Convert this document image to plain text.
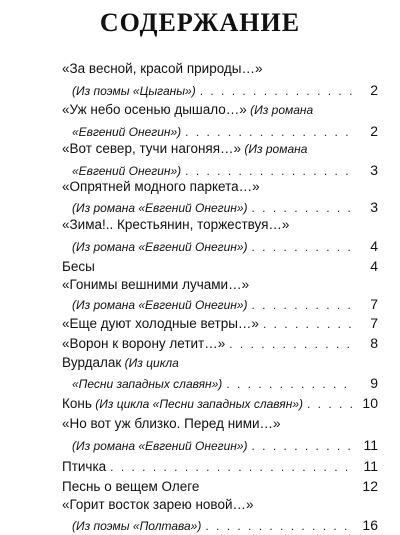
СОДЕРЖАНИЕ
«За весной, красой природы…»
(Из поэмы «Цыганы») . . .	2
«Уж небо осенью дышало…» (Из романа
«Евгений Онегин») . . .	2
«Вот север, тучи нагоняя…» (Из романа
«Евгений Онегин») . . .	3
«Опрятней модного паркета…»
(Из романа «Евгений Онегин») . . .	3
«Зима!.. Крестьянин, торжествуя…»
(Из романа «Евгений Онегин») . . .	4
Бесы	4
«Гонимы вешними лучами…»
(Из романа «Евгений Онегин») . . .	7
«Еще дуют холодные ветры…» . . .	7
«Ворон к ворону летит…» . . .	8
Вурдалак (Из цикла
«Песни западных славян») . . .	9
Конь (Из цикла «Песни западных славян») . . .	10
«Но вот уж близко. Перед ними…»
(Из романа «Евгений Онегин») . . .	11
Птичка . . .	11
Песнь о вещем Олеге	12
«Горит восток зарею новой…»
(Из поэмы «Полтава») . . .	16
